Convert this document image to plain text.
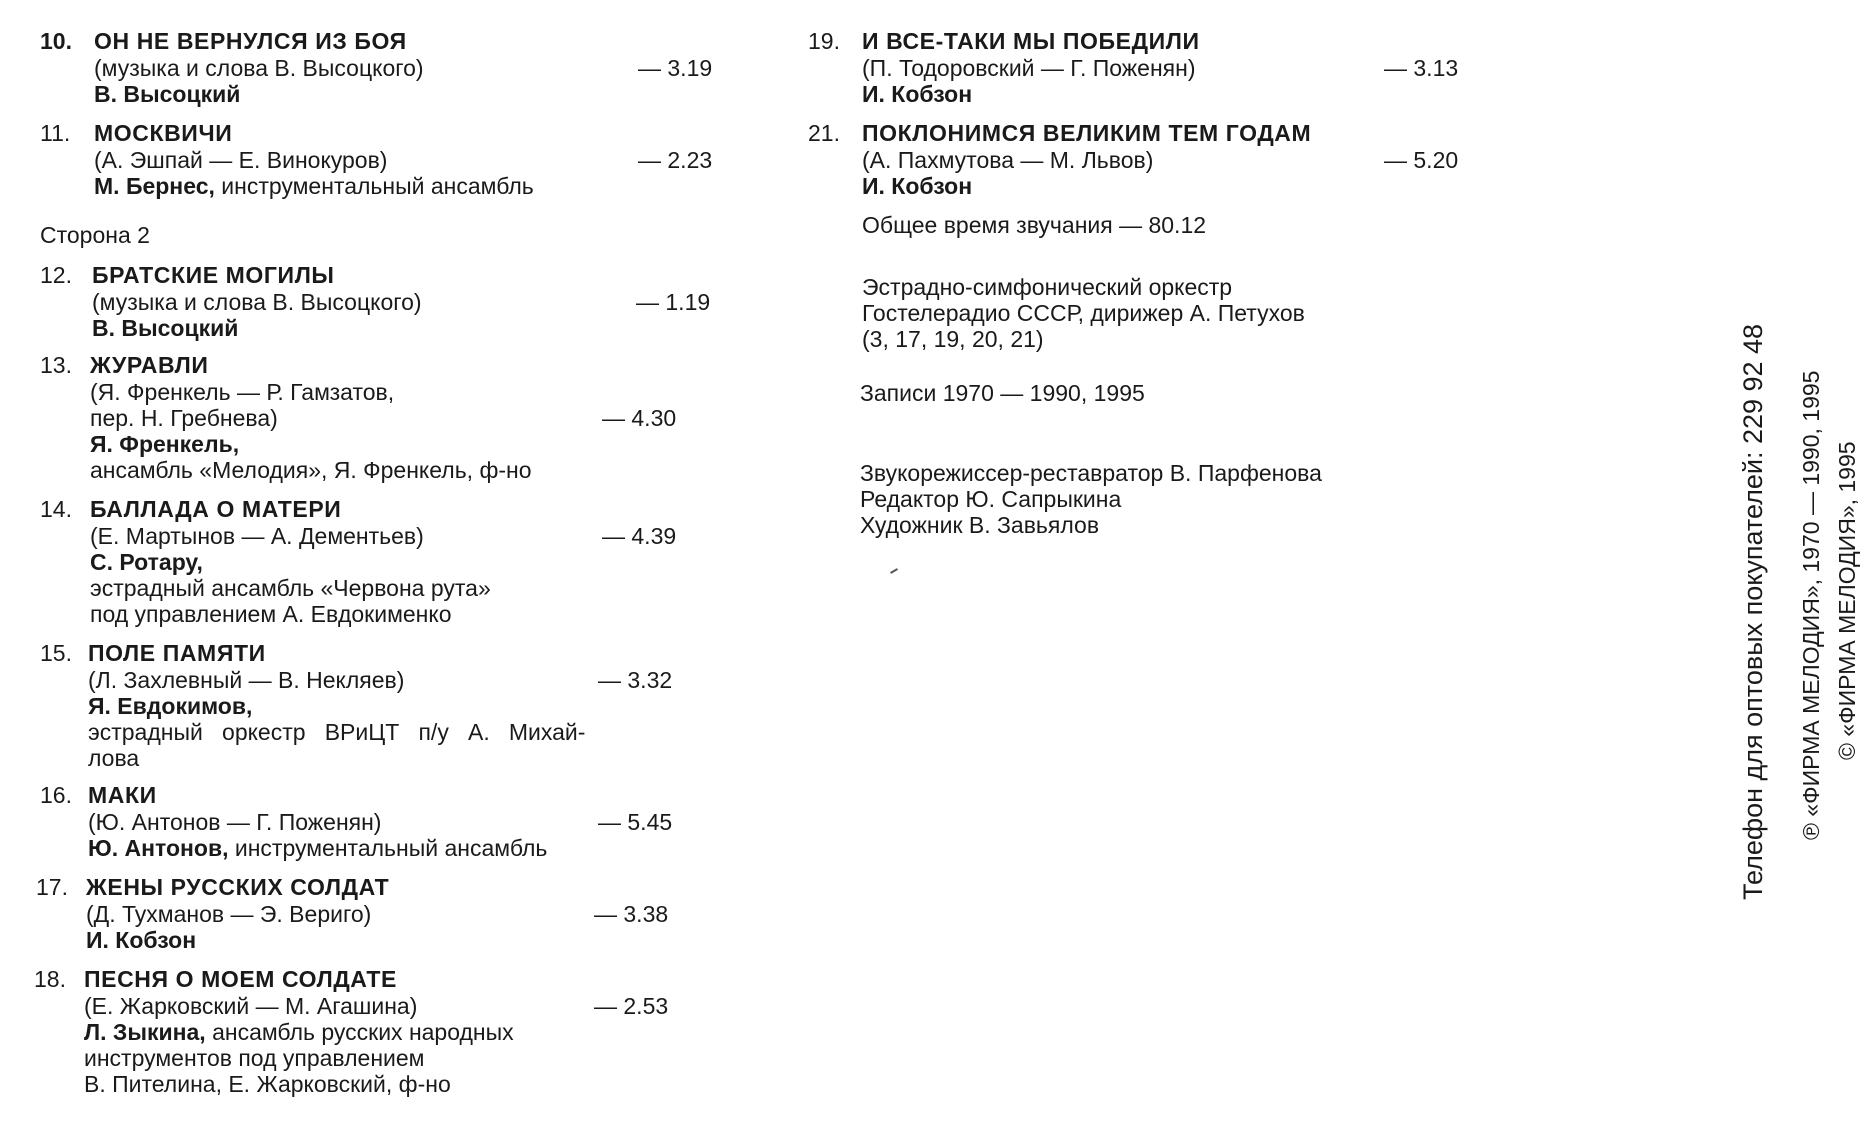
10. ОН НЕ ВЕРНУЛСЯ ИЗ БОЯ
(музыка и слова В. Высоцкого)	— 3.19
В. Высоцкий
11. МОСКВИЧИ
(А. Эшпай — Е. Винокуров)	— 2.23
М. Бернес, инструментальный ансамбль
Сторона 2
12. БРАТСКИЕ МОГИЛЫ
(музыка и слова В. Высоцкого)	— 1.19
В. Высоцкий
13. ЖУРАВЛИ
(Я. Френкель — Р. Гамзатов,
пер. Н. Гребнева)	— 4.30
Я. Френкель,
ансамбль «Мелодия», Я. Френкель, ф-но
14. БАЛЛАДА О МАТЕРИ
(Е. Мартынов — А. Дементьев)	— 4.39
С. Ротару,
эстрадный ансамбль «Червона рута»
под управлением А. Евдокименко
15. ПОЛЕ ПАМЯТИ
(Л. Захлевный — В. Некляев)	— 3.32
Я. Евдокимов,
эстрадный   оркестр   ВРиЦТ   п/у   А.   Михай-
лова
16. МАКИ
(Ю. Антонов — Г. Поженян)	— 5.45
Ю. Антонов, инструментальный ансамбль
17. ЖЕНЫ РУССКИХ СОЛДАТ
(Д. Тухманов — Э. Вериго)	— 3.38
И. Кобзон
18. ПЕСНЯ О МОЕМ СОЛДАТЕ
(Е. Жарковский — М. Агашина)	— 2.53
Л. Зыкина, ансамбль русских народных
инструментов под управлением
В. Пителина, Е. Жарковский, ф-но
19. И ВСЕ-ТАКИ МЫ ПОБЕДИЛИ
(П. Тодоровский — Г. Поженян)	— 3.13
И. Кобзон
21. ПОКЛОНИМСЯ ВЕЛИКИМ ТЕМ ГОДАМ
(А. Пахмутова — М. Львов)	— 5.20
И. Кобзон
Общее время звучания — 80.12
Эстрадно-симфонический оркестр
Гостелерадио СССР, дирижер А. Петухов
(3, 17, 19, 20, 21)
Записи 1970 — 1990, 1995
Звукорежиссер-реставратор В. Парфенова
Редактор Ю. Сапрыкина
Художник В. Завьялов	Телефон для оптовых покупателей: 229 92 48 ℗ «ФИРМА МЕЛОДИЯ», 1970 — 1990, 1995 © «ФИРМА МЕЛОДИЯ», 1995
